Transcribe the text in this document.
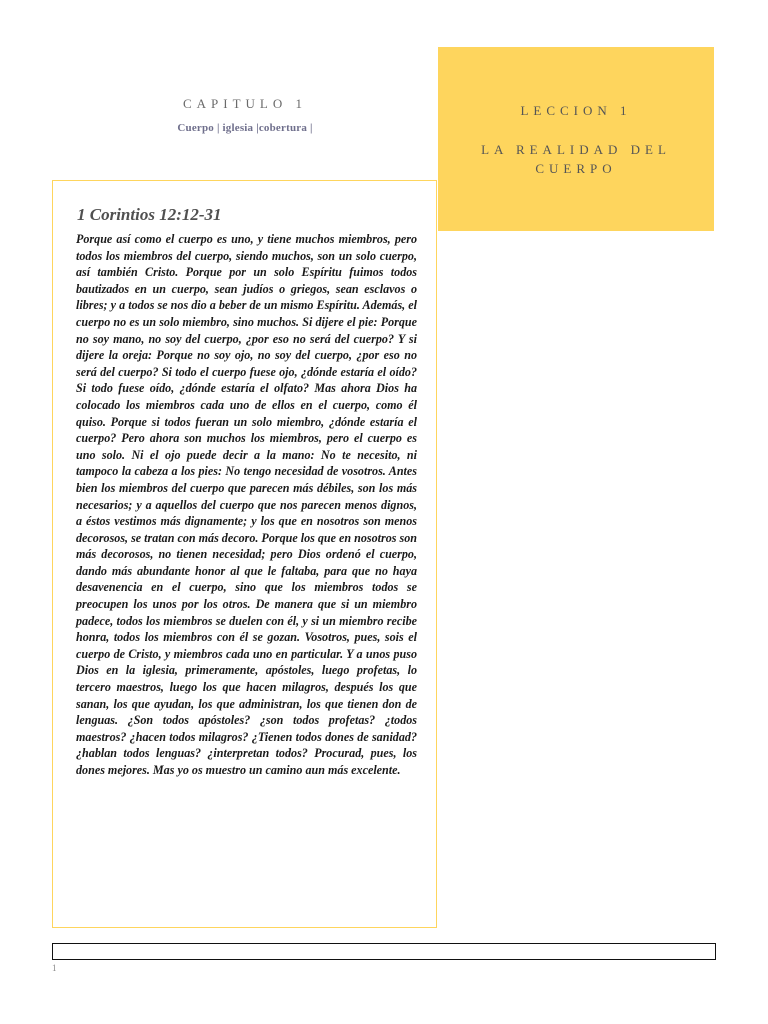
CAPITULO 1
Cuerpo | iglesia |cobertura |
LECCION 1
LA REALIDAD DEL CUERPO
1 Corintios 12:12-31

Porque así como el cuerpo es uno, y tiene muchos miembros, pero todos los miembros del cuerpo, siendo muchos, son un solo cuerpo, así también Cristo. Porque por un solo Espíritu fuimos todos bautizados en un cuerpo, sean judíos o griegos, sean esclavos o libres; y a todos se nos dio a beber de un mismo Espíritu. Además, el cuerpo no es un solo miembro, sino muchos. Si dijere el pie: Porque no soy mano, no soy del cuerpo, ¿por eso no será del cuerpo? Y si dijere la oreja: Porque no soy ojo, no soy del cuerpo, ¿por eso no será del cuerpo? Si todo el cuerpo fuese ojo, ¿dónde estaría el oído? Si todo fuese oído, ¿dónde estaría el olfato? Mas ahora Dios ha colocado los miembros cada uno de ellos en el cuerpo, como él quiso. Porque si todos fueran un solo miembro, ¿dónde estaría el cuerpo? Pero ahora son muchos los miembros, pero el cuerpo es uno solo. Ni el ojo puede decir a la mano: No te necesito, ni tampoco la cabeza a los pies: No tengo necesidad de vosotros. Antes bien los miembros del cuerpo que parecen más débiles, son los más necesarios; y a aquellos del cuerpo que nos parecen menos dignos, a éstos vestimos más dignamente; y los que en nosotros son menos decorosos, se tratan con más decoro. Porque los que en nosotros son más decorosos, no tienen necesidad; pero Dios ordenó el cuerpo, dando más abundante honor al que le faltaba, para que no haya desavenencia en el cuerpo, sino que los miembros todos se preocupen los unos por los otros. De manera que si un miembro padece, todos los miembros se duelen con él, y si un miembro recibe honra, todos los miembros con él se gozan. Vosotros, pues, sois el cuerpo de Cristo, y miembros cada uno en particular. Y a unos puso Dios en la iglesia, primeramente, apóstoles, luego profetas, lo tercero maestros, luego los que hacen milagros, después los que sanan, los que ayudan, los que administran, los que tienen don de lenguas. ¿Son todos apóstoles? ¿son todos profetas? ¿todos maestros? ¿hacen todos milagros? ¿Tienen todos dones de sanidad? ¿hablan todos lenguas? ¿interpretan todos? Procurad, pues, los dones mejores. Mas yo os muestro un camino aun más excelente.

1
